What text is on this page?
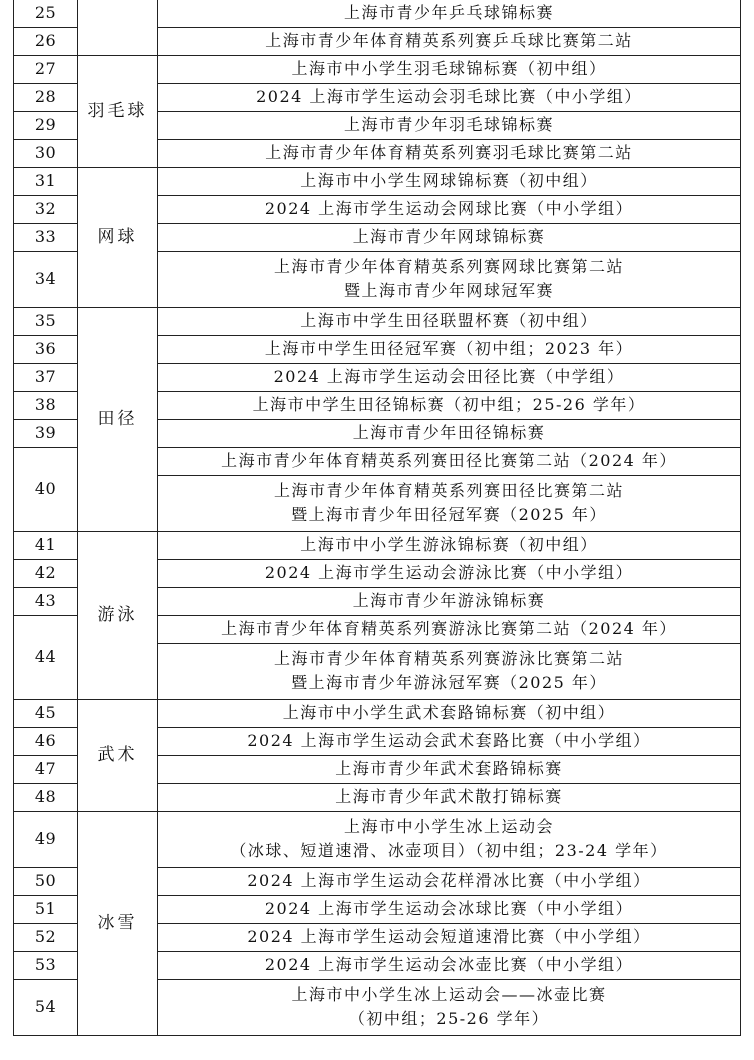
25		上海市青少年乒乓球锦标赛

26		上海市青少年体育精英系列赛乒乓球比赛第二站

27	羽毛球	上海市中小学生羽毛球锦标赛（初中组）

28		2024 上海市学生运动会羽毛球比赛（中小学组）

29		上海市青少年羽毛球锦标赛

30		上海市青少年体育精英系列赛羽毛球比赛第二站

31	网球	上海市中小学生网球锦标赛（初中组）

32		2024 上海市学生运动会网球比赛（中小学组）

33		上海市青少年网球锦标赛

34		上海市青少年体育精英系列赛网球比赛第二站
暨上海市青少年网球冠军赛

35	田径	上海市中学生田径联盟杯赛（初中组）

36		上海市中学生田径冠军赛（初中组；2023 年）

37		2024 上海市学生运动会田径比赛（中学组）

38		上海市中学生田径锦标赛（初中组；25-26 学年）

39		上海市青少年田径锦标赛

40		上海市青少年体育精英系列赛田径比赛第二站（2024 年）

		上海市青少年体育精英系列赛田径比赛第二站
暨上海市青少年田径冠军赛（2025 年）

41	游泳	上海市中小学生游泳锦标赛（初中组）

42		2024 上海市学生运动会游泳比赛（中小学组）

43		上海市青少年游泳锦标赛

44		上海市青少年体育精英系列赛游泳比赛第二站（2024 年）

		上海市青少年体育精英系列赛游泳比赛第二站
暨上海市青少年游泳冠军赛（2025 年）

45	武术	上海市中小学生武术套路锦标赛（初中组）

46		2024 上海市学生运动会武术套路比赛（中小学组）

47		上海市青少年武术套路锦标赛

48		上海市青少年武术散打锦标赛

49	冰雪	上海市中小学生冰上运动会
（冰球、短道速滑、冰壶项目）（初中组；23-24 学年）

50		2024 上海市学生运动会花样滑冰比赛（中小学组）

51		2024 上海市学生运动会冰球比赛（中小学组）

52		2024 上海市学生运动会短道速滑比赛（中小学组）

53		2024 上海市学生运动会冰壶比赛（中小学组）

54		上海市中小学生冰上运动会——冰壶比赛
（初中组；25-26 学年）
